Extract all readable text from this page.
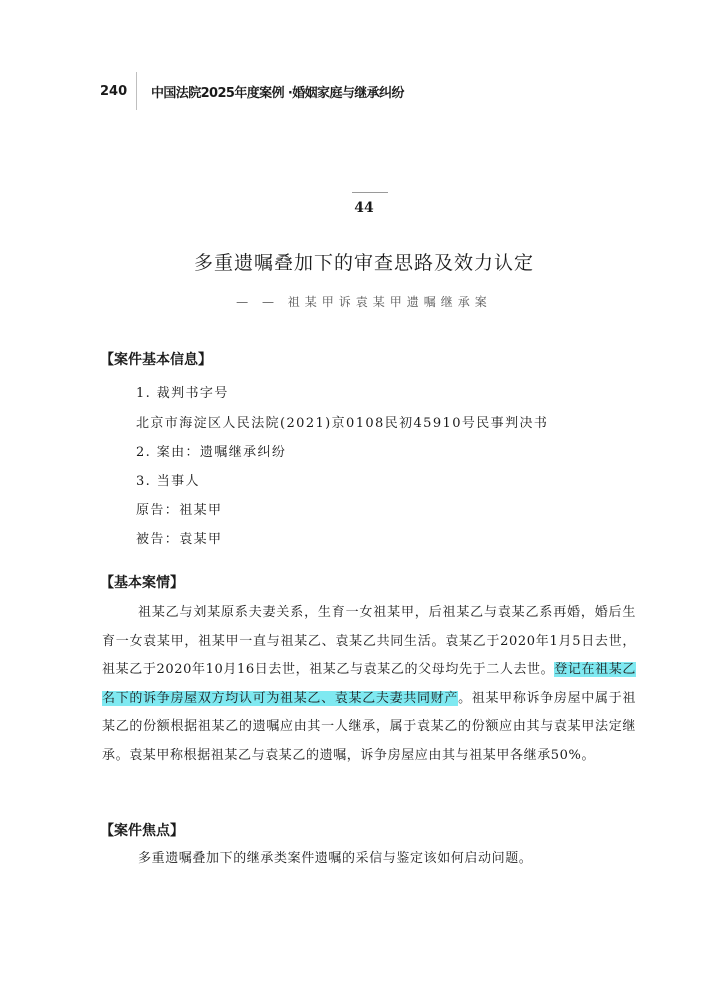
240 中国法院2025年度案例 ·婚姻家庭与继承纠纷
44
多重遗嘱叠加下的审查思路及效力认定
— — 祖某甲诉袁某甲遗嘱继承案
【案件基本信息】
1. 裁判书字号
北京市海淀区人民法院(2021)京0108民初45910号民事判决书
2. 案由：遗嘱继承纠纷
3. 当事人
原告：祖某甲
被告：袁某甲
【基本案情】

祖某乙与刘某原系夫妻关系，生育一女祖某甲，后祖某乙与袁某乙系再婚，婚后生育一女袁某甲，祖某甲一直与祖某乙、袁某乙共同生活。袁某乙于2020年1月5日去世，祖某乙于2020年10月16日去世，祖某乙与袁某乙的父母均先于二人去世。登记在祖某乙名下的诉争房屋双方均认可为祖某乙、袁某乙夫妻共同财产。祖某甲称诉争房屋中属于祖某乙的份额根据祖某乙的遗嘱应由其一人继承，属于袁某乙的份额应由其与袁某甲法定继承。袁某甲称根据祖某乙与袁某乙的遗嘱，诉争房屋应由其与祖某甲各继承50%。

【案件焦点】

多重遗嘱叠加下的继承类案件遗嘱的采信与鉴定该如何启动问题。
